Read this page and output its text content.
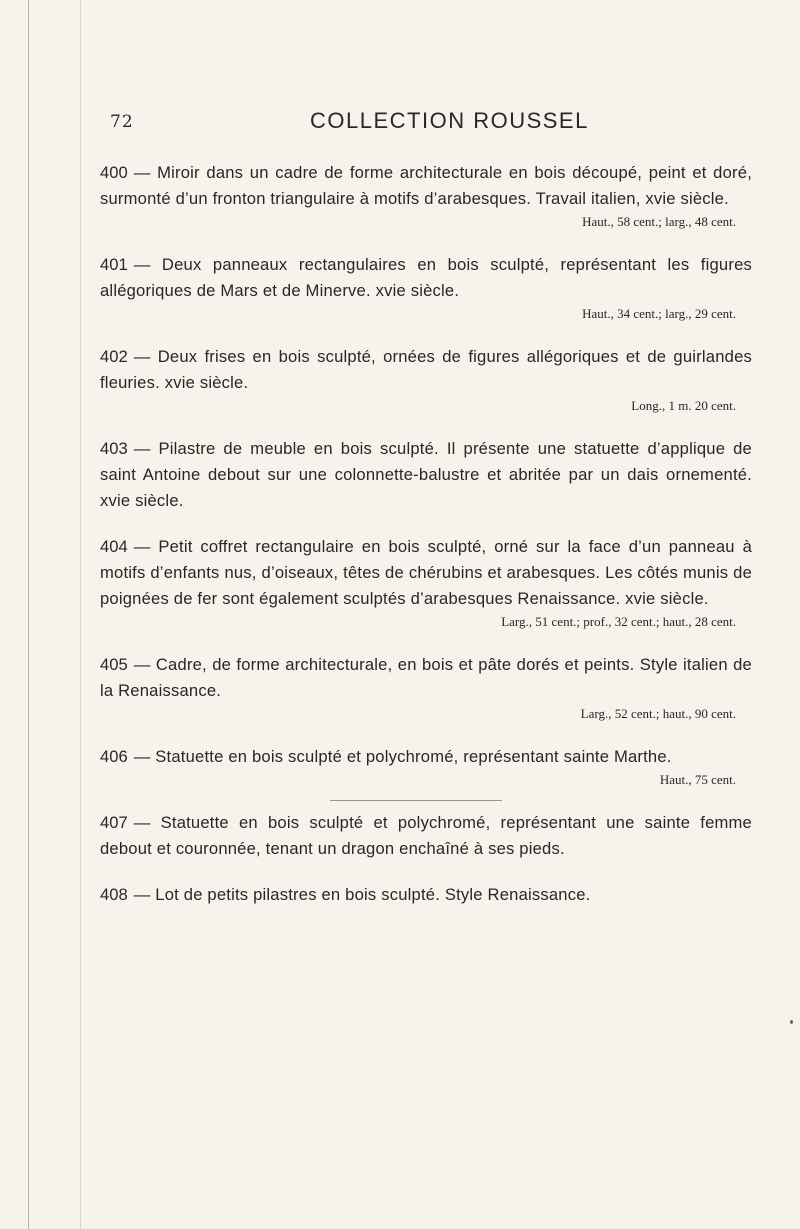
72	COLLECTION ROUSSEL
400 — Miroir dans un cadre de forme architecturale en bois découpé, peint et doré, surmonté d’un fronton triangulaire à motifs d’arabesques. Travail italien, xvie siècle.
Haut., 58 cent.; larg., 48 cent.
401 — Deux panneaux rectangulaires en bois sculpté, représentant les figures allégoriques de Mars et de Minerve. xvie siècle.
Haut., 34 cent.; larg., 29 cent.
402 — Deux frises en bois sculpté, ornées de figures allégoriques et de guirlandes fleuries. xvie siècle.
Long., 1 m. 20 cent.
403 — Pilastre de meuble en bois sculpté. Il présente une statuette d’applique de saint Antoine debout sur une colonnette-balustre et abritée par un dais ornementé. xvie siècle.
404 — Petit coffret rectangulaire en bois sculpté, orné sur la face d’un panneau à motifs d’enfants nus, d’oiseaux, têtes de chérubins et arabesques. Les côtés munis de poignées de fer sont également sculptés d’arabesques Renaissance. xvie siècle.
Larg., 51 cent.; prof., 32 cent.; haut., 28 cent.
405 — Cadre, de forme architecturale, en bois et pâte dorés et peints. Style italien de la Renaissance.
Larg., 52 cent.; haut., 90 cent.
406 — Statuette en bois sculpté et polychromé, représentant sainte Marthe.
Haut., 75 cent.
407 — Statuette en bois sculpté et polychromé, représentant une sainte femme debout et couronnée, tenant un dragon enchaîné à ses pieds.
408 — Lot de petits pilastres en bois sculpté. Style Renaissance.
